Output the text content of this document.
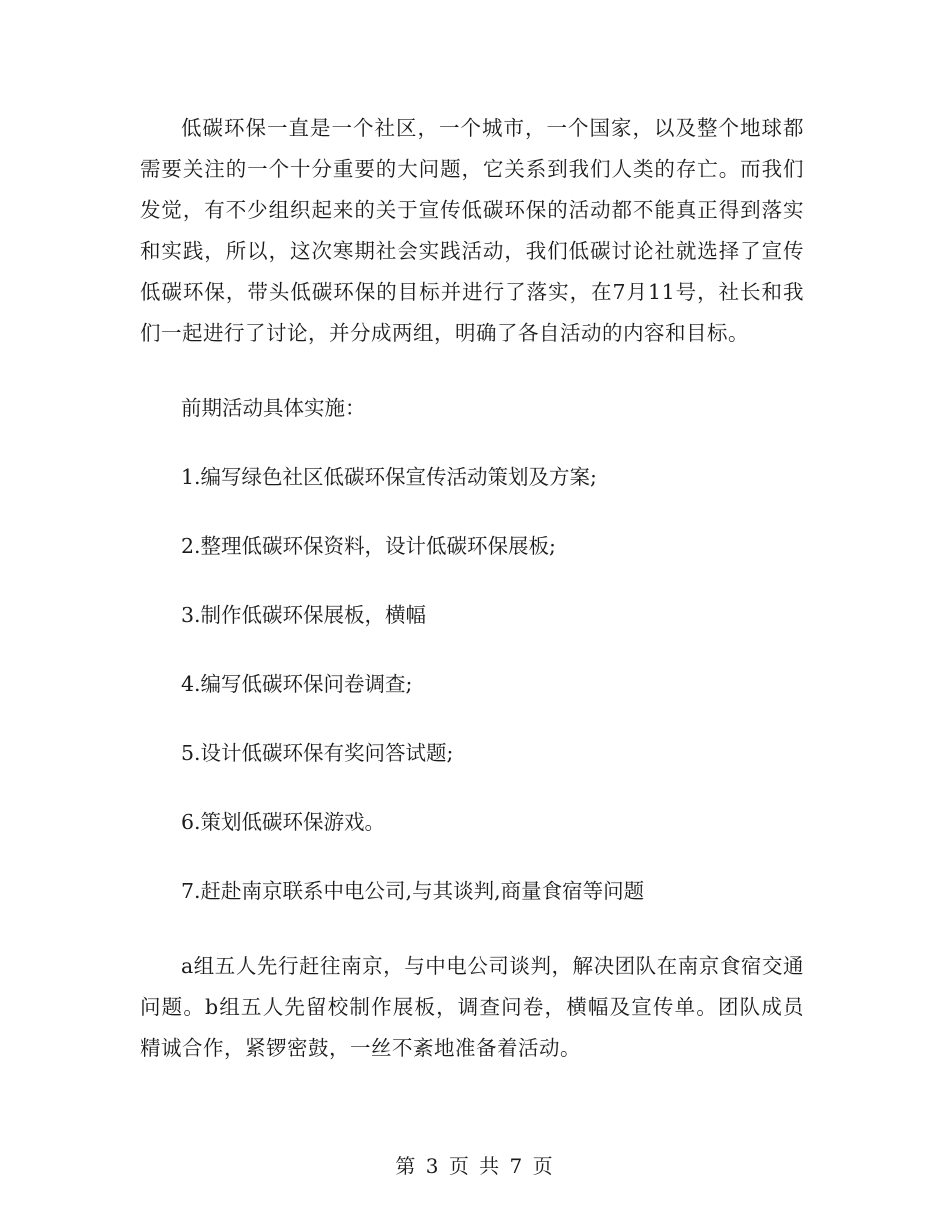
低碳环保一直是一个社区，一个城市，一个国家，以及整个地球都需要关注的一个十分重要的大问题，它关系到我们人类的存亡。而我们发觉，有不少组织起来的关于宣传低碳环保的活动都不能真正得到落实和实践，所以，这次寒期社会实践活动，我们低碳讨论社就选择了宣传低碳环保，带头低碳环保的目标并进行了落实，在7月11号，社长和我们一起进行了讨论，并分成两组，明确了各自活动的内容和目标。

前期活动具体实施：

1.编写绿色社区低碳环保宣传活动策划及方案;
2.整理低碳环保资料，设计低碳环保展板;
3.制作低碳环保展板，横幅
4.编写低碳环保问卷调查;
5.设计低碳环保有奖问答试题;
6.策划低碳环保游戏。
7.赶赴南京联系中电公司,与其谈判,商量食宿等问题

a组五人先行赶往南京，与中电公司谈判，解决团队在南京食宿交通问题。b组五人先留校制作展板，调查问卷，横幅及宣传单。团队成员精诚合作，紧锣密鼓，一丝不紊地准备着活动。

第 3 页 共 7 页
